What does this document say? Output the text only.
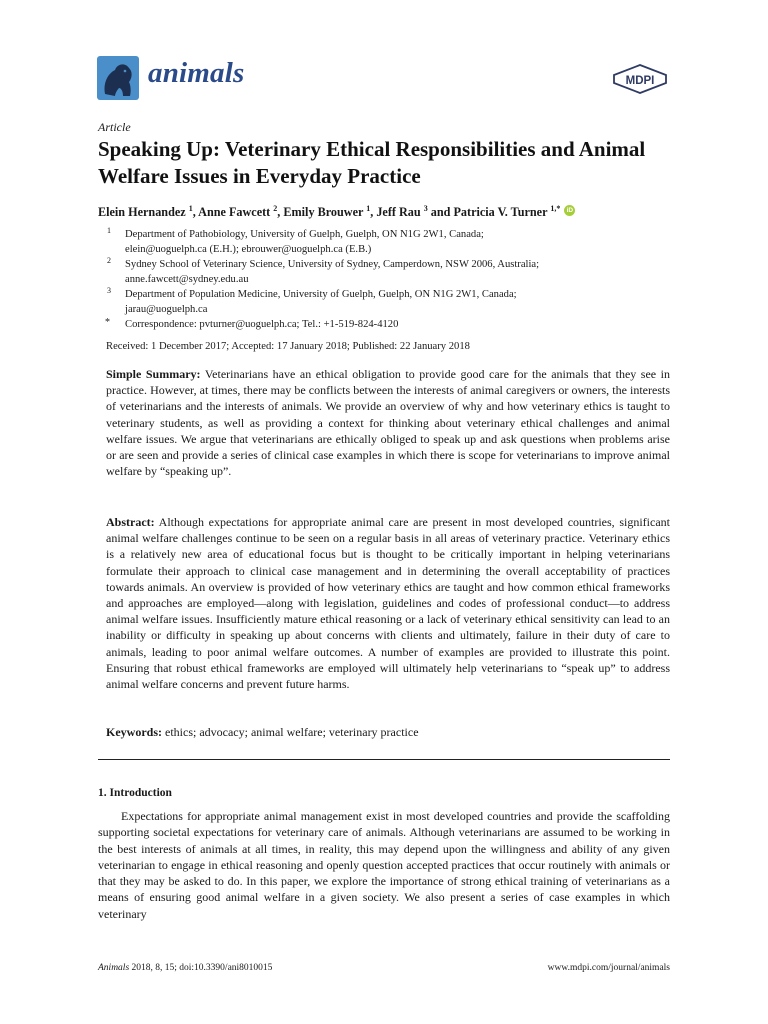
animals	MDPI
Article
Speaking Up: Veterinary Ethical Responsibilities and Animal Welfare Issues in Everyday Practice
Elein Hernandez $^1$, Anne Fawcett $^2$, Emily Brouwer $^1$, Jeff Rau $^3$ and Patricia V. Turner $^{1,*}$ iD
1 Department of Pathobiology, University of Guelph, Guelph, ON N1G 2W1, Canada;
elein@uoguelph.ca (E.H.); ebrouwer@uoguelph.ca (E.B.)
2 Sydney School of Veterinary Science, University of Sydney, Camperdown, NSW 2006, Australia;
anne.fawcett@sydney.edu.au
3 Department of Population Medicine, University of Guelph, Guelph, ON N1G 2W1, Canada;
jarau@uoguelph.ca
* Correspondence: pvturner@uoguelph.ca; Tel.: +1-519-824-4120
Received: 1 December 2017; Accepted: 17 January 2018; Published: 22 January 2018
Simple Summary: Veterinarians have an ethical obligation to provide good care for the animals that they see in practice. However, at times, there may be conflicts between the interests of animal caregivers or owners, the interests of veterinarians and the interests of animals. We provide an overview of why and how veterinary ethics is taught to veterinary students, as well as providing a context for thinking about veterinary ethical challenges and animal welfare issues. We argue that veterinarians are ethically obliged to speak up and ask questions when problems arise or are seen and provide a series of clinical case examples in which there is scope for veterinarians to improve animal welfare by “speaking up”.
Abstract: Although expectations for appropriate animal care are present in most developed countries, significant animal welfare challenges continue to be seen on a regular basis in all areas of veterinary practice. Veterinary ethics is a relatively new area of educational focus but is thought to be critically important in helping veterinarians formulate their approach to clinical case management and in determining the overall acceptability of practices towards animals. An overview is provided of how veterinary ethics are taught and how common ethical frameworks and approaches are employed—along with legislation, guidelines and codes of professional conduct—to address animal welfare issues. Insufficiently mature ethical reasoning or a lack of veterinary ethical sensitivity can lead to an inability or difficulty in speaking up about concerns with clients and ultimately, failure in their duty of care to animals, leading to poor animal welfare outcomes. A number of examples are provided to illustrate this point. Ensuring that robust ethical frameworks are employed will ultimately help veterinarians to “speak up” to address animal welfare concerns and prevent future harms.
Keywords: ethics; advocacy; animal welfare; veterinary practice
1. Introduction
Expectations for appropriate animal management exist in most developed countries and provide the scaffolding supporting societal expectations for veterinary care of animals. Although veterinarians are assumed to be working in the best interests of animals at all times, in reality, this may depend upon the willingness and ability of any given veterinarian to engage in ethical reasoning and openly question accepted practices that occur routinely with animals or that they may be asked to do. In this paper, we explore the importance of strong ethical training of veterinarians as a means of ensuring good animal welfare in a given society. We also present a series of case examples in which veterinary
Animals 2018, 8, 15; doi:10.3390/ani8010015	www.mdpi.com/journal/animals
